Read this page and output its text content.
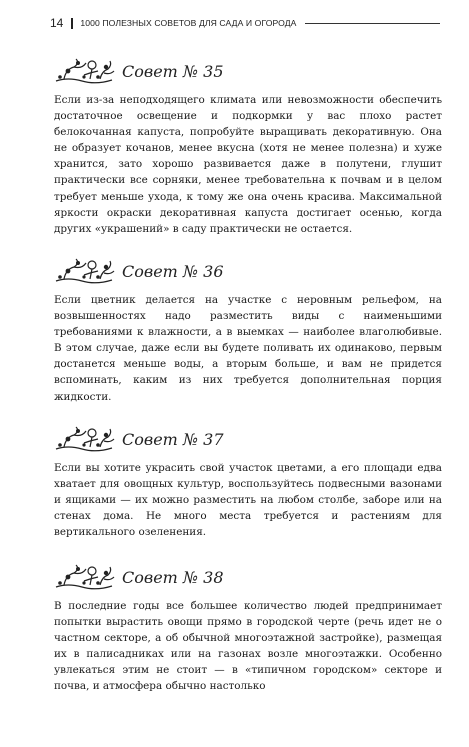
14 1000 ПОЛЕЗНЫХ СОВЕТОВ ДЛЯ САДА И ОГОРОДА
Совет № 35

Если из-за неподходящего климата или невозможности обеспечить достаточное освещение и подкормки у вас плохо растет белокочанная капуста, попробуйте выращивать декоративную. Она не образует кочанов, менее вкусна (хотя не менее полезна) и хуже хранится, зато хорошо развивается даже в полутени, глушит практически все сорняки, менее требовательна к почвам и в целом требует меньше ухода, к тому же она очень красива. Максимальной яркости окраски декоративная капуста достигает осенью, когда других «украшений» в саду практически не остается.

Совет № 36

Если цветник делается на участке с неровным рельефом, на возвышенностях надо разместить виды с наименьшими требованиями к влажности, а в выемках — наиболее влаголюбивые. В этом случае, даже если вы будете поливать их одинаково, первым достанется меньше воды, а вторым больше, и вам не придется вспоминать, каким из них требуется дополнительная порция жидкости.

Совет № 37

Если вы хотите украсить свой участок цветами, а его площади едва хватает для овощных культур, воспользуйтесь подвесными вазонами и ящиками — их можно разместить на любом столбе, заборе или на стенах дома. Не много места требуется и растениям для вертикального озеленения.

Совет № 38

В последние годы все большее количество людей предпринимает попытки вырастить овощи прямо в городской черте (речь идет не о частном секторе, а об обычной многоэтажной застройке), размещая их в палисадниках или на газонах возле многоэтажки. Особенно увлекаться этим не стоит — в «типичном городском» секторе и почва, и атмосфера обычно настолько
